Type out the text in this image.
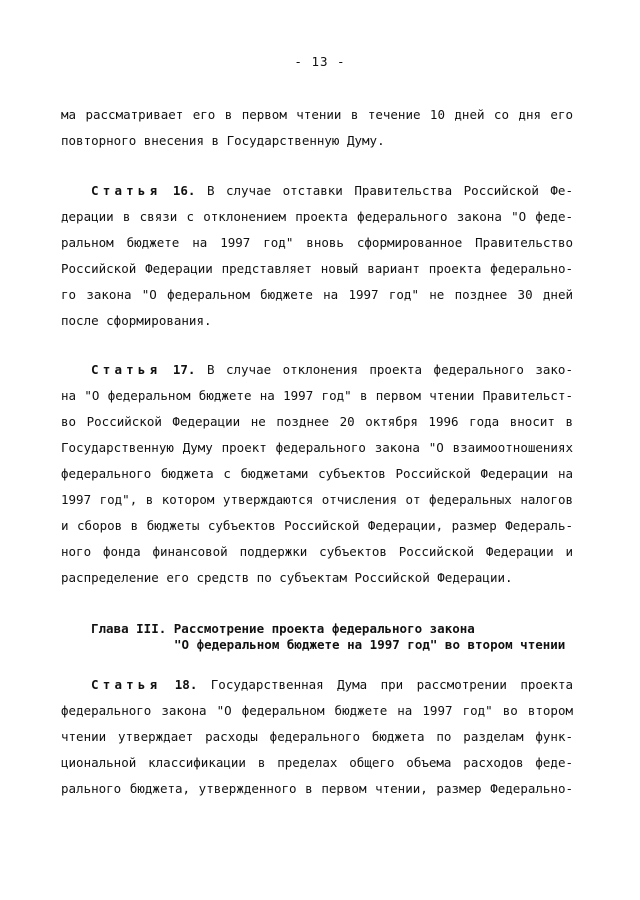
- 13 -
ма рассматривает его в первом чтении в течение 10 дней со дня его
повторного внесения в Государственную Думу.
Статья 16. В случае отставки Правительства Российской Фе-
дерации в связи с отклонением проекта федерального закона "О феде-
ральном бюджете на 1997 год" вновь сформированное Правительство
Российской Федерации представляет новый вариант проекта федерально-
го закона "О федеральном бюджете на 1997 год" не позднее 30 дней
после сформирования.
Статья 17. В случае отклонения проекта федерального зако-
на "О федеральном бюджете на 1997 год" в первом чтении Правительст-
во Российской Федерации не позднее 20 октября 1996 года вносит в
Государственную Думу проект федерального закона "О взаимоотношениях
федерального бюджета с бюджетами субъектов Российской Федерации на
1997 год", в котором утверждаются отчисления от федеральных налогов
и сборов в бюджеты субъектов Российской Федерации, размер Федераль-
ного фонда финансовой поддержки субъектов Российской Федерации и
распределение его средств по субъектам Российской Федерации.
Глава III. Рассмотрение проекта федерального закона
"О федеральном бюджете на 1997 год" во втором чтении
Статья 18. Государственная Дума при рассмотрении проекта
федерального закона "О федеральном бюджете на 1997 год" во втором
чтении утверждает расходы федерального бюджета по разделам функ-
циональной классификации в пределах общего объема расходов феде-
рального бюджета, утвержденного в первом чтении, размер Федерально-
